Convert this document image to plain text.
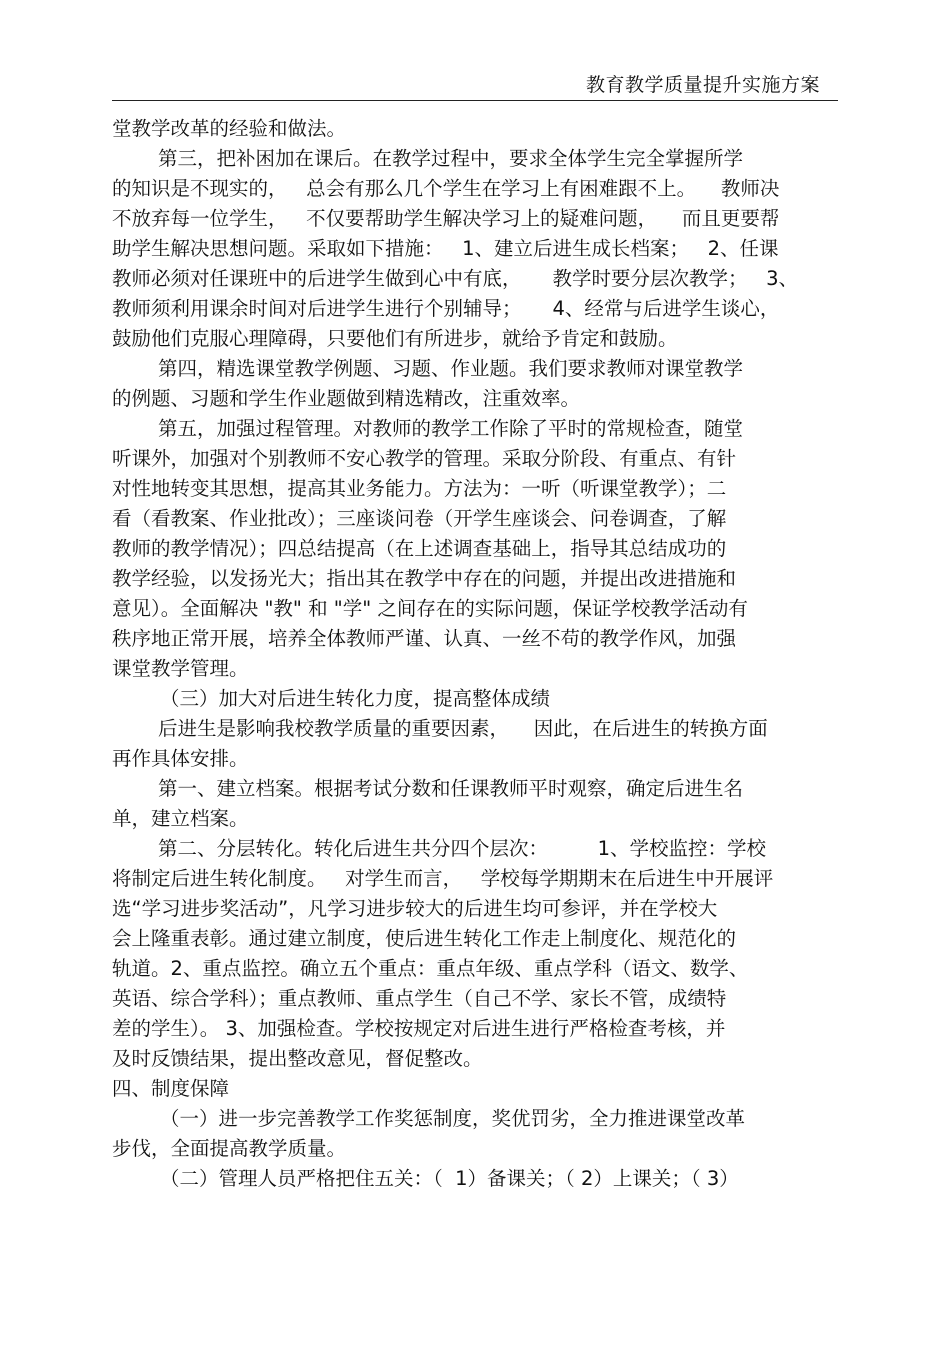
教育教学质量提升实施方案
堂教学改革的经验和做法。
第三，把补困加在课后。在教学过程中，要求全体学生完全掌握所学
的知识是不现实的，   总会有那么几个学生在学习上有困难跟不上。    教师决
不放弃每一位学生，   不仅要帮助学生解决学习上的疑难问题，    而且更要帮
助学生解决思想问题。采取如下措施：   1、建立后进生成长档案；   2、任课
教师必须对任课班中的后进学生做到心中有底，     教学时要分层次教学；   3、
教师须利用课余时间对后进学生进行个别辅导；     4、经常与后进学生谈心，
鼓励他们克服心理障碍，只要他们有所进步，就给予肯定和鼓励。
第四，精选课堂教学例题、习题、作业题。我们要求教师对课堂教学
的例题、习题和学生作业题做到精选精改，注重效率。
第五，加强过程管理。对教师的教学工作除了平时的常规检查，随堂
听课外，加强对个别教师不安心教学的管理。采取分阶段、有重点、有针
对性地转变其思想，提高其业务能力。方法为：一听（听课堂教学）；二
看（看教案、作业批改）；三座谈问卷（开学生座谈会、问卷调查，了解
教师的教学情况）；四总结提高（在上述调查基础上，指导其总结成功的
教学经验，以发扬光大；指出其在教学中存在的问题，并提出改进措施和
意见）。全面解决 "教" 和 "学" 之间存在的实际问题，保证学校教学活动有
秩序地正常开展，培养全体教师严谨、认真、一丝不苟的教学作风，加强
课堂教学管理。
（三）加大对后进生转化力度，提高整体成绩
后进生是影响我校教学质量的重要因素，    因此，在后进生的转换方面
再作具体安排。
第一、建立档案。根据考试分数和任课教师平时观察，确定后进生名
单，建立档案。
第二、分层转化。转化后进生共分四个层次：        1、学校监控：学校
将制定后进生转化制度。   对学生而言，   学校每学期期末在后进生中开展评
选“学习进步奖活动”，凡学习进步较大的后进生均可参评，并在学校大
会上隆重表彰。通过建立制度，使后进生转化工作走上制度化、规范化的
轨道。2、重点监控。确立五个重点：重点年级、重点学科（语文、数学、
英语、综合学科）；重点教师、重点学生（自己不学、家长不管，成绩特
差的学生）。 3、加强检查。学校按规定对后进生进行严格检查考核，并
及时反馈结果，提出整改意见，督促整改。
四、制度保障
（一）进一步完善教学工作奖惩制度，奖优罚劣，全力推进课堂改革
步伐，全面提高教学质量。
（二）管理人员严格把住五关：（  1）备课关；（ 2）上课关；（ 3）
